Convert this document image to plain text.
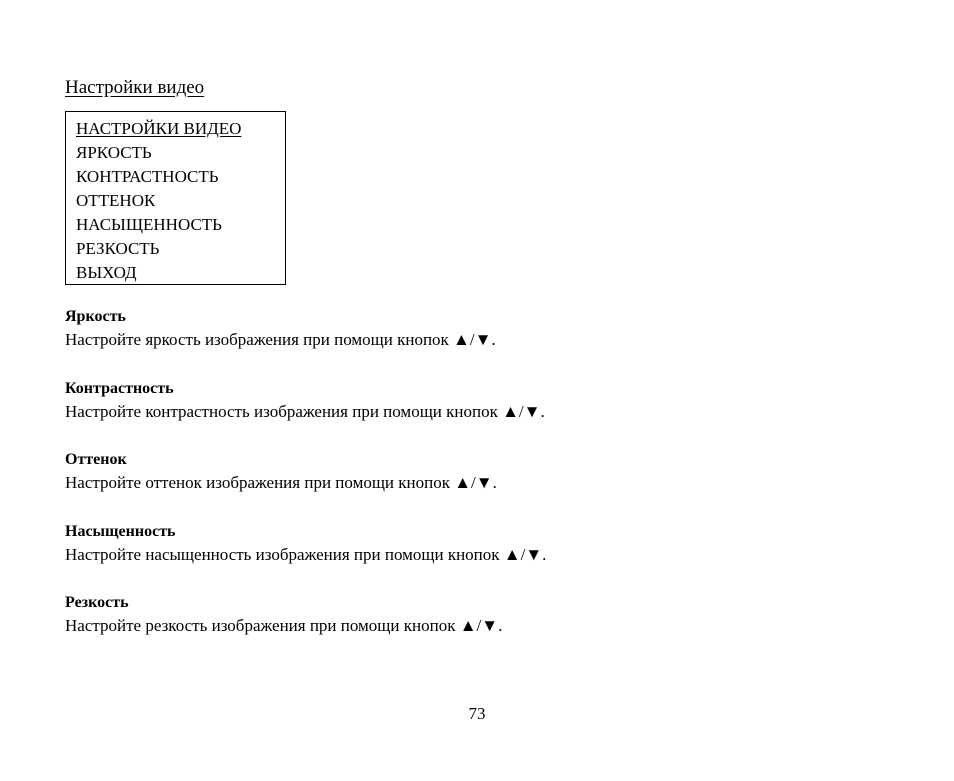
Настройки видео
НАСТРОЙКИ ВИДЕО
ЯРКОСТЬ
КОНТРАСТНОСТЬ
ОТТЕНОК
НАСЫЩЕННОСТЬ
РЕЗКОСТЬ
ВЫХОД
Яркость
Настройте яркость изображения при помощи кнопок ▲/▼.
Контрастность
Настройте контрастность изображения при помощи кнопок ▲/▼.
Оттенок
Настройте оттенок изображения при помощи кнопок ▲/▼.
Насыщенность
Настройте насыщенность изображения при помощи кнопок ▲/▼.
Резкость
Настройте резкость изображения при помощи кнопок ▲/▼.
73
